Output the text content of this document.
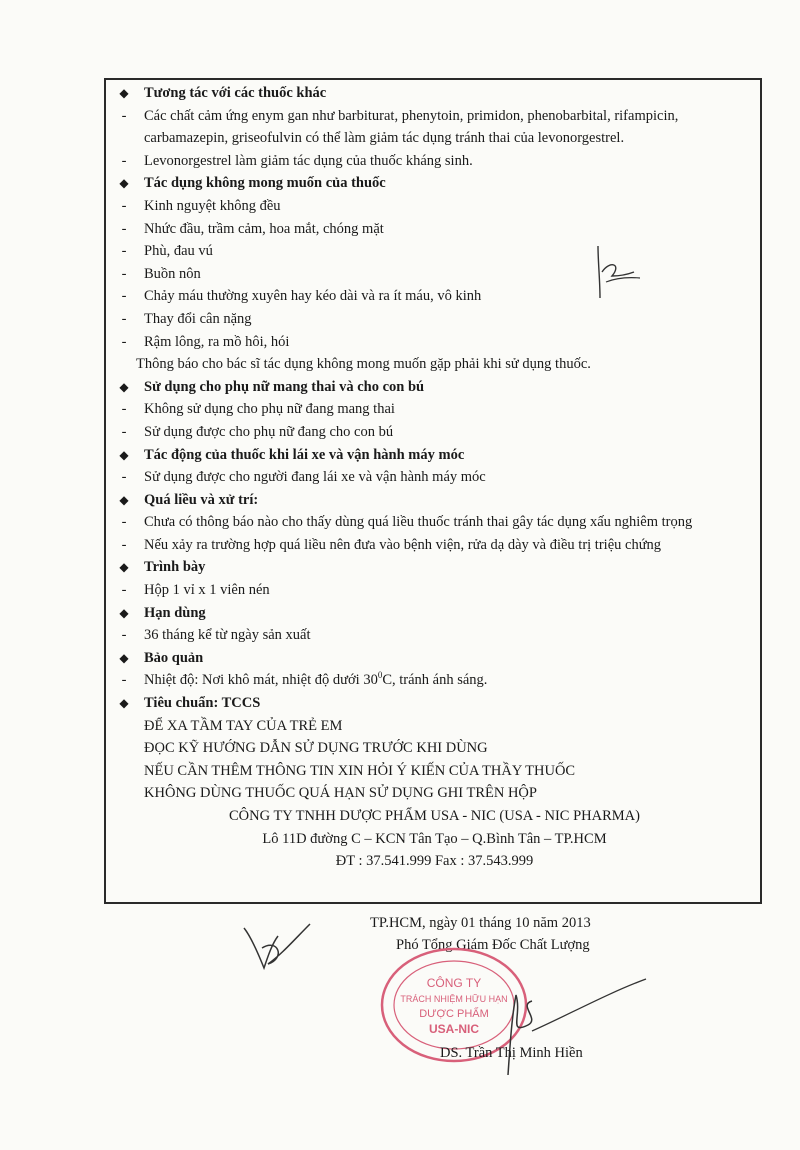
◆ Tương tác với các thuốc khác
-	Các chất cảm ứng enym gan như barbiturat, phenytoin, primidon, phenobarbital, rifampicin, carbamazepin, griseofulvin có thể làm giảm tác dụng tránh thai của levonorgestrel.
-	Levonorgestrel làm giảm tác dụng của thuốc kháng sinh.
◆ Tác dụng không mong muốn của thuốc
-	Kinh nguyệt không đều
-	Nhức đầu, trầm cảm, hoa mắt, chóng mặt
-	Phù, đau vú
-	Buồn nôn
-	Chảy máu thường xuyên hay kéo dài và ra ít máu, vô kinh
-	Thay đổi cân nặng
-	Rậm lông, ra mồ hôi, hói
Thông báo cho bác sĩ tác dụng không mong muốn gặp phải khi sử dụng thuốc.
◆ Sử dụng cho phụ nữ mang thai và cho con bú
-	Không sử dụng cho phụ nữ đang mang thai
-	Sử dụng được cho phụ nữ đang cho con bú
◆ Tác động của thuốc khi lái xe và vận hành máy móc
-	Sử dụng được cho người đang lái xe và vận hành máy móc
◆ Quá liều và xử trí:
-	Chưa có thông báo nào cho thấy dùng quá liều thuốc tránh thai gây tác dụng xấu nghiêm trọng
-	Nếu xảy ra trường hợp quá liều nên đưa vào bệnh viện, rửa dạ dày và điều trị triệu chứng
◆ Trình bày
-	Hộp 1 vỉ x 1 viên nén
◆ Hạn dùng
-	36 tháng kể từ ngày sản xuất
◆ Bảo quản
-	Nhiệt độ: Nơi khô mát, nhiệt độ dưới $30^0C$, tránh ánh sáng.
◆ Tiêu chuẩn: TCCS
ĐỂ XA TẦM TAY CỦA TRẺ EM
ĐỌC KỸ HƯỚNG DẪN SỬ DỤNG TRƯỚC KHI DÙNG
NẾU CẦN THÊM THÔNG TIN XIN HỎI Ý KIẾN CỦA THẦY THUỐC
KHÔNG DÙNG THUỐC QUÁ HẠN SỬ DỤNG GHI TRÊN HỘP
CÔNG TY TNHH DƯỢC PHẨM USA - NIC (USA - NIC PHARMA)
Lô 11D đường C – KCN Tân Tạo – Q.Bình Tân – TP.HCM
ĐT : 37.541.999 Fax : 37.543.999
TP.HCM, ngày 01 tháng 10 năm 2013
Phó Tổng Giám Đốc Chất Lượng
CÔNG TY
TRÁCH NHIỆM HỮU HẠN
DƯỢC PHẨM
USA-NIC
DS. Trần Thị Minh Hiền
